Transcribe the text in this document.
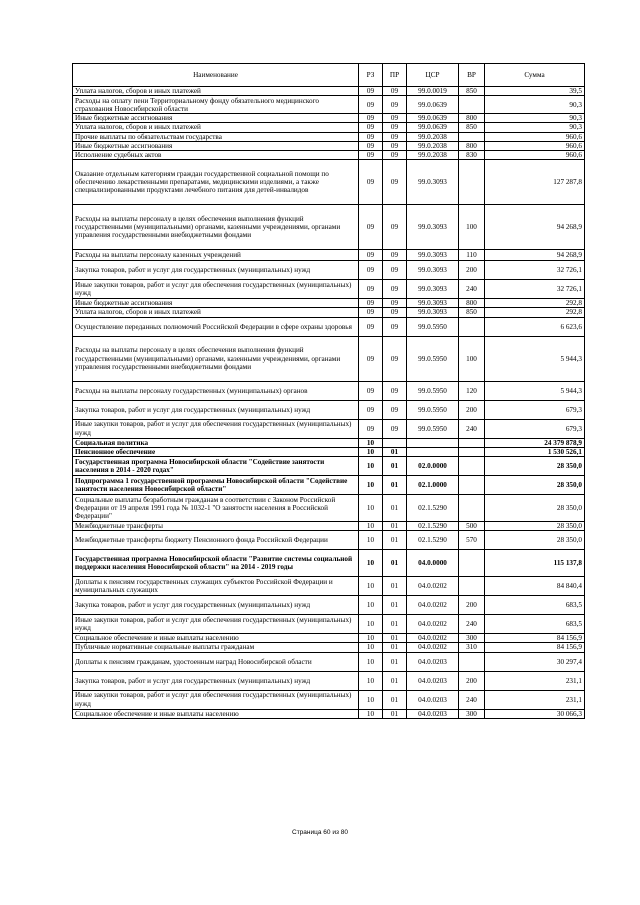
Наименование	РЗ	ПР	ЦСР	ВР	Сумма
Уплата налогов, сборов и иных платежей	09	09	99.0.0019	850	39,5
Расходы на оплату пени Территориальному фонду обязательного медицинского страхования Новосибирской области	09	09	99.0.0639		90,3
Иные бюджетные ассигнования	09	09	99.0.0639	800	90,3
Уплата налогов, сборов и иных платежей	09	09	99.0.0639	850	90,3
Прочие выплаты по обязательствам государства	09	09	99.0.2038		960,6
Иные бюджетные ассигнования	09	09	99.0.2038	800	960,6
Исполнение судебных актов	09	09	99.0.2038	830	960,6
Оказание отдельным категориям граждан государственной социальной помощи по обеспечению лекарственными препаратами, медицинскими изделиями, а также специализированными продуктами лечебного питания для детей-инвалидов	09	09	99.0.3093		127 287,8
Расходы на выплаты персоналу в целях обеспечения выполнения функций государственными (муниципальными) органами, казенными учреждениями, органами управления государственными внебюджетными фондами	09	09	99.0.3093	100	94 268,9
Расходы на выплаты персоналу казенных учреждений	09	09	99.0.3093	110	94 268,9
Закупка товаров, работ и услуг для государственных (муниципальных) нужд	09	09	99.0.3093	200	32 726,1
Иные закупки товаров, работ и услуг для обеспечения государственных (муниципальных) нужд	09	09	99.0.3093	240	32 726,1
Иные бюджетные ассигнования	09	09	99.0.3093	800	292,8
Уплата налогов, сборов и иных платежей	09	09	99.0.3093	850	292,8
Осуществление переданных полномочий Российской Федерации в сфере охраны здоровья	09	09	99.0.5950		6 623,6
Расходы на выплаты персоналу в целях обеспечения выполнения функций государственными (муниципальными) органами, казенными учреждениями, органами управления государственными внебюджетными фондами	09	09	99.0.5950	100	5 944,3
Расходы на выплаты персоналу государственных (муниципальных) органов	09	09	99.0.5950	120	5 944,3
Закупка товаров, работ и услуг для государственных (муниципальных) нужд	09	09	99.0.5950	200	679,3
Иные закупки товаров, работ и услуг для обеспечения государственных (муниципальных) нужд	09	09	99.0.5950	240	679,3
Социальная политика	10				24 379 878,9
Пенсионное обеспечение	10	01			1 530 526,1
Государственная программа Новосибирской области "Содействие занятости населения в 2014 - 2020 годах"	10	01	02.0.0000		28 350,0
Подпрограмма 1 государственной программы Новосибирской области "Содействие занятости населения Новосибирской области"	10	01	02.1.0000		28 350,0
Социальные выплаты безработным гражданам в соответствии с Законом Российской Федерации от 19 апреля 1991 года № 1032-1 "О занятости населения в Российской Федерации"	10	01	02.1.5290		28 350,0
Межбюджетные трансферты	10	01	02.1.5290	500	28 350,0
Межбюджетные трансферты бюджету Пенсионного фонда Российской Федерации	10	01	02.1.5290	570	28 350,0
Государственная программа Новосибирской области "Развитие системы социальной поддержки населения Новосибирской области" на 2014 - 2019 годы	10	01	04.0.0000		115 137,8
Доплаты к пенсиям государственных служащих субъектов Российской Федерации и муниципальных служащих	10	01	04.0.0202		84 840,4
Закупка товаров, работ и услуг для государственных (муниципальных) нужд	10	01	04.0.0202	200	683,5
Иные закупки товаров, работ и услуг для обеспечения государственных (муниципальных) нужд	10	01	04.0.0202	240	683,5
Социальное обеспечение и иные выплаты населению	10	01	04.0.0202	300	84 156,9
Публичные нормативные социальные выплаты гражданам	10	01	04.0.0202	310	84 156,9
Доплаты к пенсиям гражданам, удостоенным наград Новосибирской области	10	01	04.0.0203		30 297,4
Закупка товаров, работ и услуг для государственных (муниципальных) нужд	10	01	04.0.0203	200	231,1
Иные закупки товаров, работ и услуг для обеспечения государственных (муниципальных) нужд	10	01	04.0.0203	240	231,1
Социальное обеспечение и иные выплаты населению	10	01	04.0.0203	300	30 066,3
Страница 60 из 80
